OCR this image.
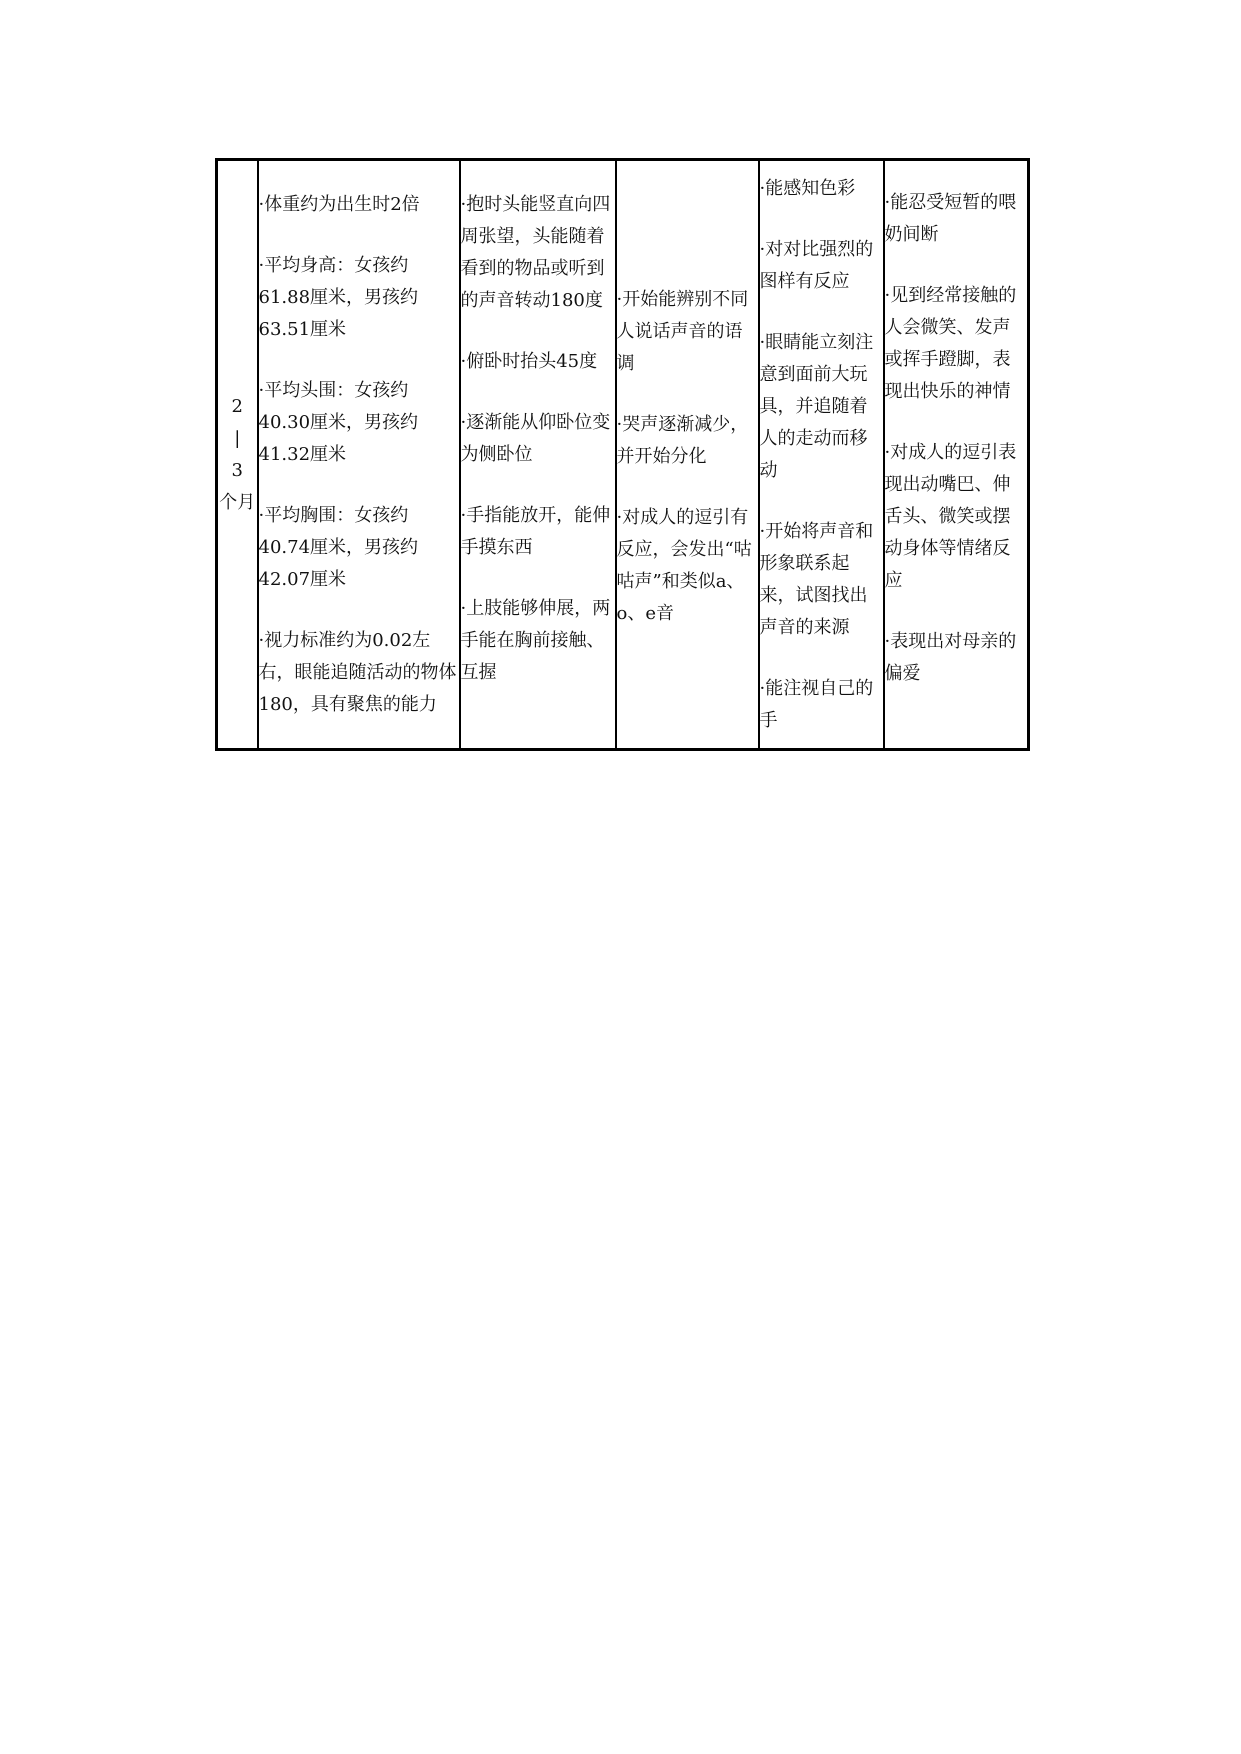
2
|
3
个月

·体重约为出生时2倍
·平均身高：女孩约61.88厘米，男孩约63.51厘米
·平均头围：女孩约40.30厘米，男孩约41.32厘米
·平均胸围：女孩约40.74厘米，男孩约42.07厘米
·视力标准约为0.02左右，眼能追随活动的物体180，具有聚焦的能力

·抱时头能竖直向四周张望，头能随着看到的物品或听到的声音转动180度
·俯卧时抬头45度
·逐渐能从仰卧位变为侧卧位
·手指能放开，能伸手摸东西
·上肢能够伸展，两手能在胸前接触、互握

·开始能辨别不同人说话声音的语调
·哭声逐渐减少，并开始分化
·对成人的逗引有反应，会发出“咕咕声”和类似a、o、e音

·能感知色彩
·对对比强烈的图样有反应
·眼睛能立刻注意到面前大玩具，并追随着人的走动而移动
·开始将声音和形象联系起来，试图找出声音的来源
·能注视自己的手

·能忍受短暂的喂奶间断
·见到经常接触的人会微笑、发声或挥手蹬脚，表现出快乐的神情
·对成人的逗引表现出动嘴巴、伸舌头、微笑或摆动身体等情绪反应
·表现出对母亲的偏爱
